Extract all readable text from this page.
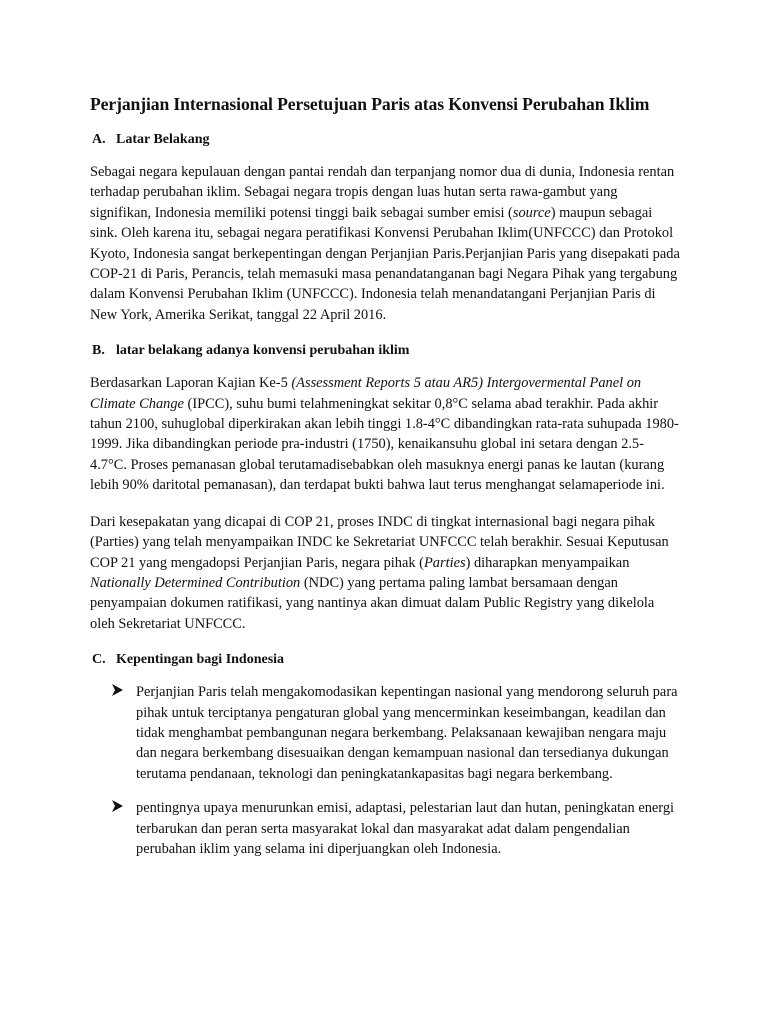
Perjanjian Internasional Persetujuan Paris atas Konvensi Perubahan Iklim
A. Latar Belakang

Sebagai negara kepulauan dengan pantai rendah dan terpanjang nomor dua di dunia, Indonesia rentan terhadap perubahan iklim. Sebagai negara tropis dengan luas hutan serta rawa-gambut yang signifikan, Indonesia memiliki potensi tinggi baik sebagai sumber emisi (source) maupun sebagai sink. Oleh karena itu, sebagai negara peratifikasi Konvensi Perubahan Iklim(UNFCCC) dan Protokol Kyoto, Indonesia sangat berkepentingan dengan Perjanjian Paris.Perjanjian Paris yang disepakati pada COP-21 di Paris, Perancis, telah memasuki masa penandatanganan bagi Negara Pihak yang tergabung dalam Konvensi Perubahan Iklim (UNFCCC). Indonesia telah menandatangani Perjanjian Paris di New York, Amerika Serikat, tanggal 22 April 2016.

B. latar belakang adanya konvensi perubahan iklim

Berdasarkan Laporan Kajian Ke-5 (Assessment Reports 5 atau AR5) Intergovermental Panel on Climate Change (IPCC), suhu bumi telahmeningkat sekitar 0,8°C selama abad terakhir. Pada akhir tahun 2100, suhuglobal diperkirakan akan lebih tinggi 1.8-4°C dibandingkan rata-rata suhupada 1980-1999. Jika dibandingkan periode pra-industri (1750), kenaikansuhu global ini setara dengan 2.5-4.7°C. Proses pemanasan global terutamadisebabkan oleh masuknya energi panas ke lautan (kurang lebih 90% daritotal pemanasan), dan terdapat bukti bahwa laut terus menghangat selamaperiode ini.

Dari kesepakatan yang dicapai di COP 21, proses INDC di tingkat internasional bagi negara pihak (Parties) yang telah menyampaikan INDC ke Sekretariat UNFCCC telah berakhir. Sesuai Keputusan COP 21 yang mengadopsi Perjanjian Paris, negara pihak (Parties) diharapkan menyampaikan Nationally Determined Contribution (NDC) yang pertama paling lambat bersamaan dengan penyampaian dokumen ratifikasi, yang nantinya akan dimuat dalam Public Registry yang dikelola oleh Sekretariat UNFCCC.

C. Kepentingan bagi Indonesia
Perjanjian Paris telah mengakomodasikan kepentingan nasional yang mendorong seluruh para pihak untuk terciptanya pengaturan global yang mencerminkan keseimbangan, keadilan dan tidak menghambat pembangunan negara berkembang. Pelaksanaan kewajiban nengara maju dan negara berkembang disesuaikan dengan kemampuan nasional dan tersedianya dukungan terutama pendanaan, teknologi dan peningkatankapasitas bagi negara berkembang.
pentingnya upaya menurunkan emisi, adaptasi, pelestarian laut dan hutan, peningkatan energi terbarukan dan peran serta masyarakat lokal dan masyarakat adat dalam pengendalian perubahan iklim yang selama ini diperjuangkan oleh Indonesia.
